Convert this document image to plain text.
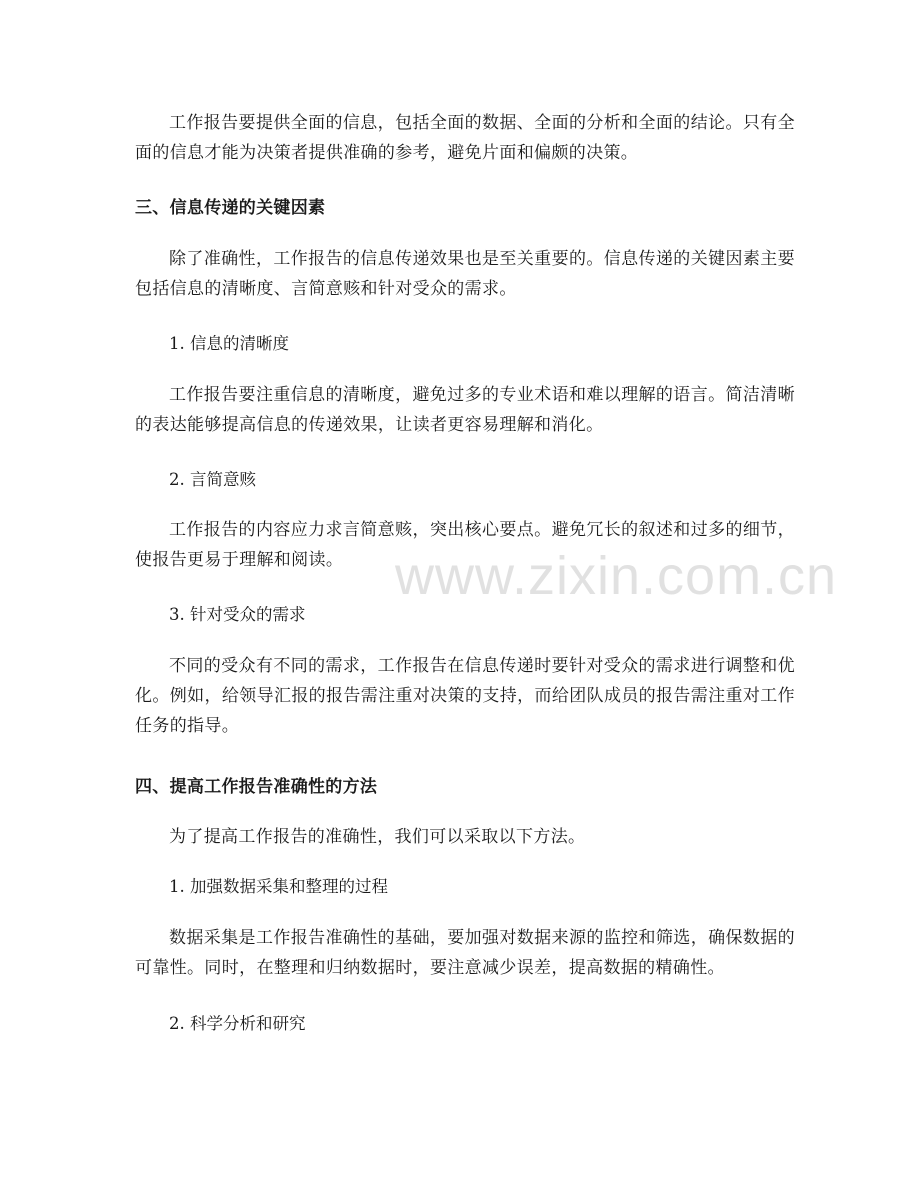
工作报告要提供全面的信息，包括全面的数据、全面的分析和全面的结论。只有全面的信息才能为决策者提供准确的参考，避免片面和偏颇的决策。

三、信息传递的关键因素

除了准确性，工作报告的信息传递效果也是至关重要的。信息传递的关键因素主要包括信息的清晰度、言简意赅和针对受众的需求。

1. 信息的清晰度

工作报告要注重信息的清晰度，避免过多的专业术语和难以理解的语言。简洁清晰的表达能够提高信息的传递效果，让读者更容易理解和消化。

2. 言简意赅

工作报告的内容应力求言简意赅，突出核心要点。避免冗长的叙述和过多的细节，使报告更易于理解和阅读。

3. 针对受众的需求

不同的受众有不同的需求，工作报告在信息传递时要针对受众的需求进行调整和优化。例如，给领导汇报的报告需注重对决策的支持，而给团队成员的报告需注重对工作任务的指导。

四、提高工作报告准确性的方法

为了提高工作报告的准确性，我们可以采取以下方法。

1. 加强数据采集和整理的过程

数据采集是工作报告准确性的基础，要加强对数据来源的监控和筛选，确保数据的可靠性。同时，在整理和归纳数据时，要注意减少误差，提高数据的精确性。

2. 科学分析和研究
www.zixin.com.cn
